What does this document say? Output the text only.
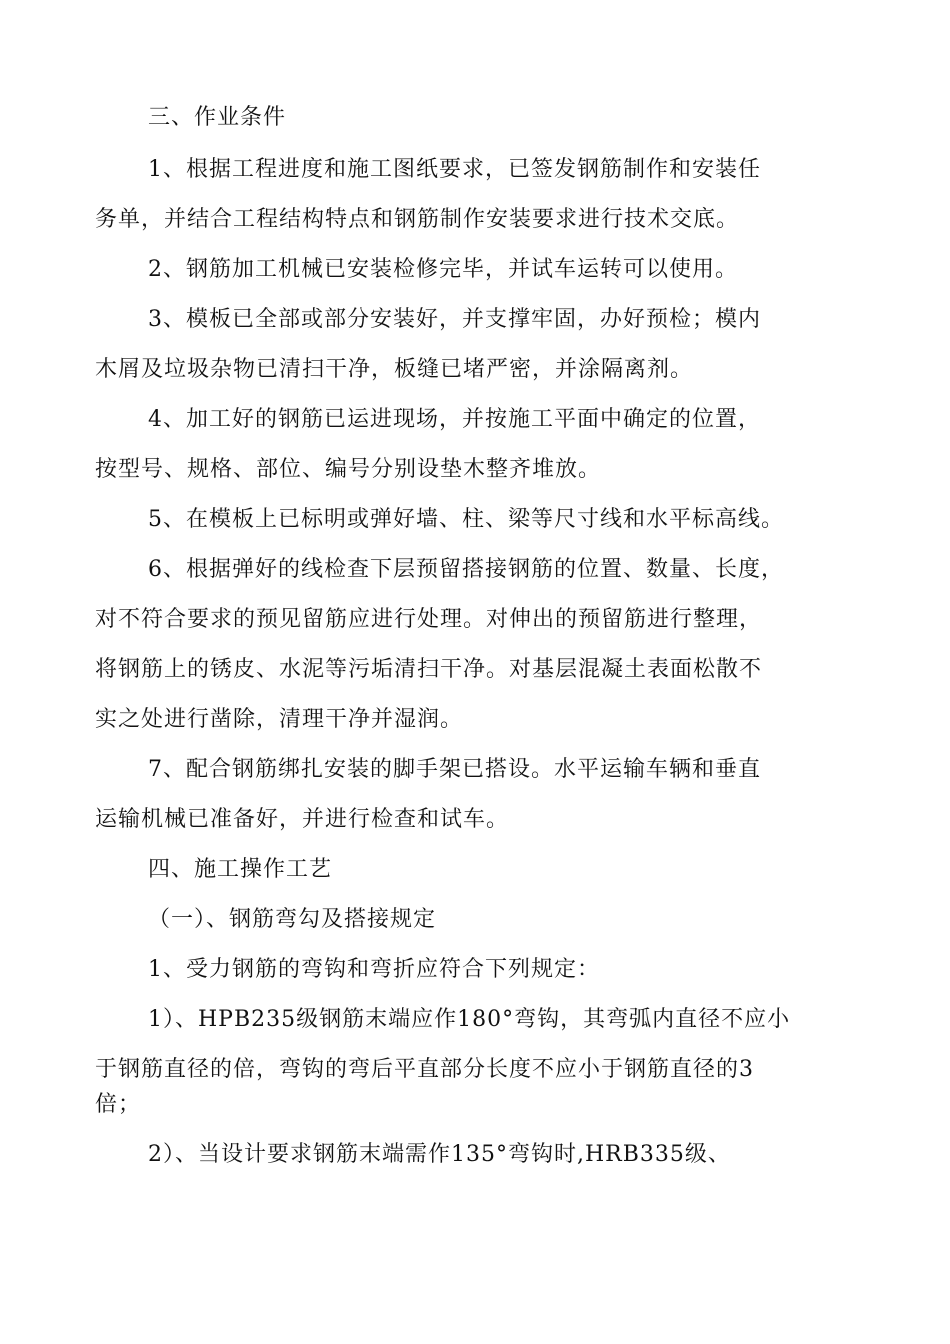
三、作业条件
1、根据工程进度和施工图纸要求，已签发钢筋制作和安装任
务单，并结合工程结构特点和钢筋制作安装要求进行技术交底。
2、钢筋加工机械已安装检修完毕，并试车运转可以使用。
3、模板已全部或部分安装好，并支撑牢固，办好预检；模内
木屑及垃圾杂物已清扫干净，板缝已堵严密，并涂隔离剂。
4、加工好的钢筋已运进现场，并按施工平面中确定的位置，
按型号、规格、部位、编号分别设垫木整齐堆放。
5、在模板上已标明或弹好墙、柱、梁等尺寸线和水平标高线。
6、根据弹好的线检查下层预留搭接钢筋的位置、数量、长度，
对不符合要求的预见留筋应进行处理。对伸出的预留筋进行整理，
将钢筋上的锈皮、水泥等污垢清扫干净。对基层混凝土表面松散不
实之处进行凿除，清理干净并湿润。
7、配合钢筋绑扎安装的脚手架已搭设。水平运输车辆和垂直
运输机械已准备好，并进行检查和试车。
四、施工操作工艺
（一）、钢筋弯勾及搭接规定
1、受力钢筋的弯钩和弯折应符合下列规定：
1）、HPB235级钢筋末端应作180°弯钩，其弯弧内直径不应小
于钢筋直径的倍，弯钩的弯后平直部分长度不应小于钢筋直径的3
倍；
2）、当设计要求钢筋末端需作135°弯钩时,HRB335级、
